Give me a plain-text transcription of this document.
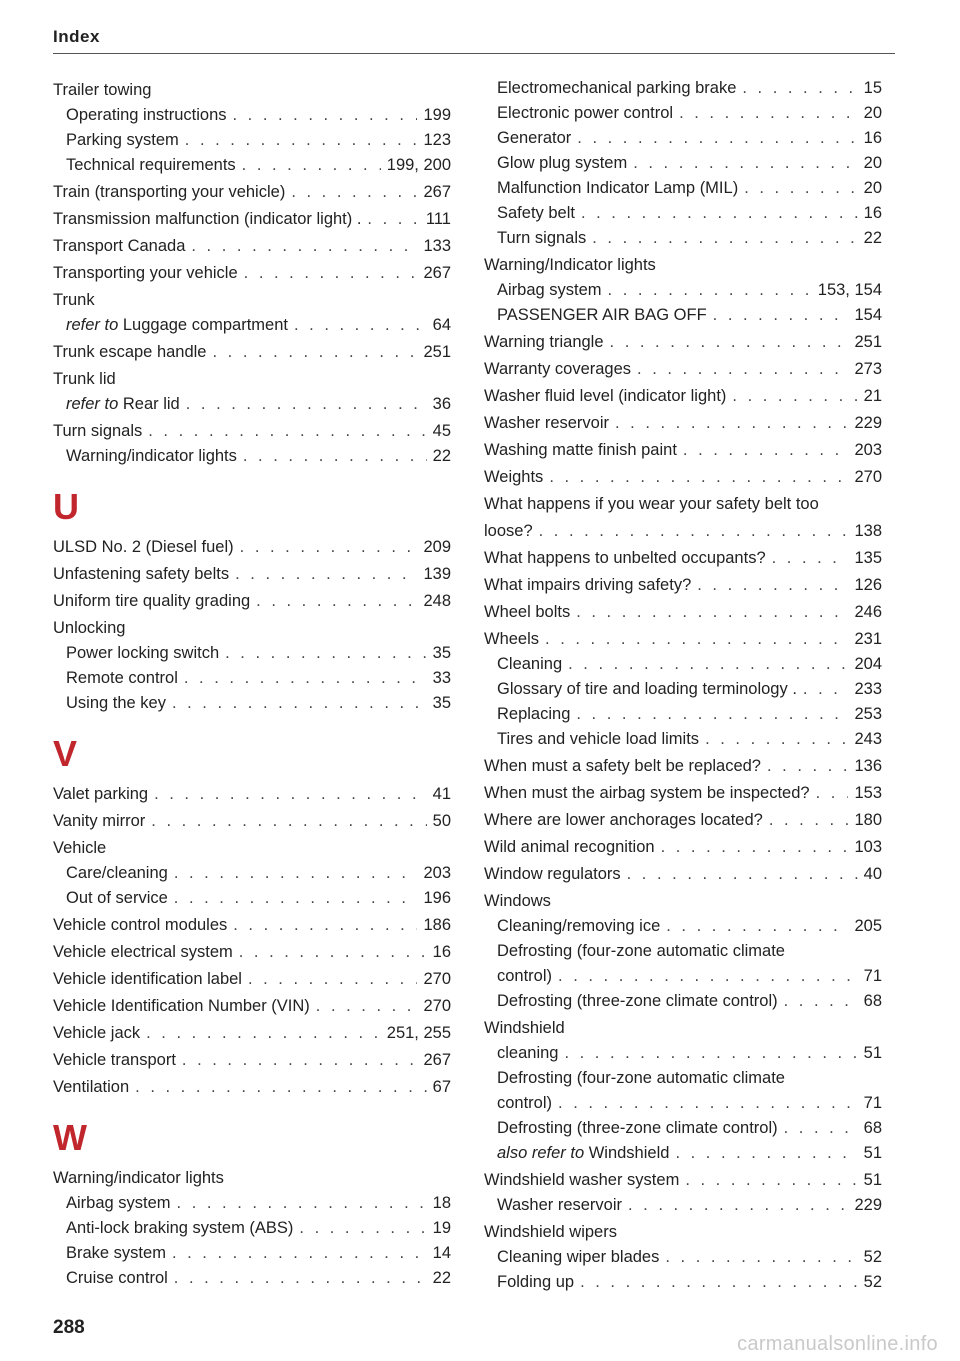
Index
Trailer towing
Operating instructions . . .	199
Parking system . . .	123
Technical requirements . . .	199, 200
Train (transporting your vehicle) . . .	267
Transmission malfunction (indicator light) . . . .	111
Transport Canada . . .	133
Transporting your vehicle . . .	267
Trunk
refer to Luggage compartment . . .	64
Trunk escape handle . . .	251
Trunk lid
refer to Rear lid . . .	36
Turn signals . . .	45
Warning/indicator lights . . .	22
U
ULSD No. 2 (Diesel fuel) . . .	209
Unfastening safety belts . . .	139
Uniform tire quality grading . . .	248
Unlocking
Power locking switch . . .	35
Remote control . . .	33
Using the key . . .	35
V
Valet parking . . .	41
Vanity mirror . . .	50
Vehicle
Care/cleaning . . .	203
Out of service . . .	196
Vehicle control modules . . .	186
Vehicle electrical system . . .	16
Vehicle identification label . . .	270
Vehicle Identification Number (VIN) . . .	270
Vehicle jack . . .	251, 255
Vehicle transport . . .	267
Ventilation . . .	67
W
Warning/indicator lights
Airbag system . . .	18
Anti-lock braking system (ABS) . . .	19
Brake system . . .	14
Cruise control . . .	22
Electromechanical parking brake . . .	15
Electronic power control . . .	20
Generator . . .	16
Glow plug system . . .	20
Malfunction Indicator Lamp (MIL) . . .	20
Safety belt . . .	16
Turn signals . . .	22
Warning/Indicator lights
Airbag system . . .	153, 154
PASSENGER AIR BAG OFF . . .	154
Warning triangle . . .	251
Warranty coverages . . .	273
Washer fluid level (indicator light) . . .	21
Washer reservoir . . .	229
Washing matte finish paint . . .	203
Weights . . .	270
What happens if you wear your safety belt too
loose? . . .	138
What happens to unbelted occupants? . . .	135
What impairs driving safety? . . .	126
Wheel bolts . . .	246
Wheels . . .	231
Cleaning . . .	204
Glossary of tire and loading terminology . . . .	233
Replacing . . .	253
Tires and vehicle load limits . . .	243
When must a safety belt be replaced? . . .	136
When must the airbag system be inspected? . . .	153
Where are lower anchorages located? . . .	180
Wild animal recognition . . .	103
Window regulators . . .	40
Windows
Cleaning/removing ice . . .	205
Defrosting (four-zone automatic climate
control) . . .	71
Defrosting (three-zone climate control) . . .	68
Windshield
cleaning . . .	51
Defrosting (four-zone automatic climate
control) . . .	71
Defrosting (three-zone climate control) . . .	68
also refer to Windshield . . .	51
Windshield washer system . . .	51
Washer reservoir . . .	229
Windshield wipers
Cleaning wiper blades . . .	52
Folding up . . .	52
288
carmanualsonline.info
